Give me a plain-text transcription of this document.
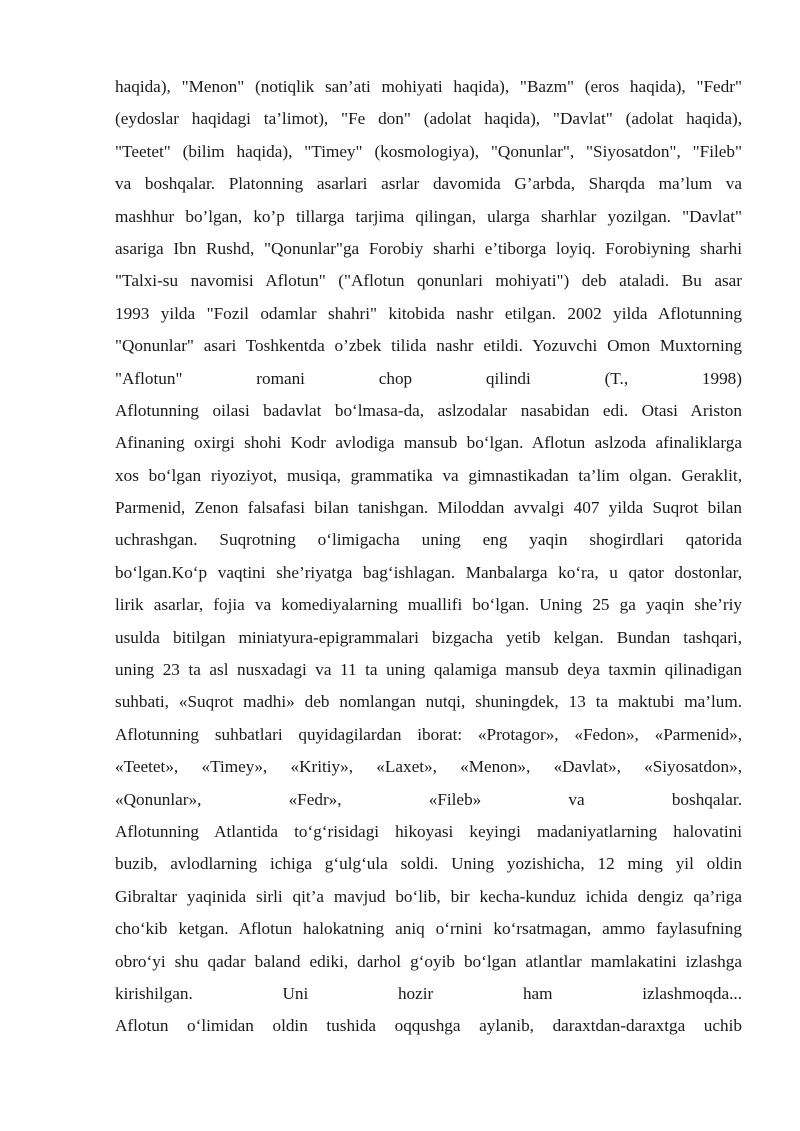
haqida), "Menon" (notiqlik san’ati mohiyati haqida), "Bazm" (eros haqida), "Fedr"
(eydoslar haqidagi ta’limot), "Fe don" (adolat haqida), "Davlat" (adolat haqida),
"Teetet" (bilim haqida), "Timey" (kosmologiya), "Qonunlar", "Siyosatdon", "Fileb"
va boshqalar. Platonning asarlari asrlar davomida G’arbda, Sharqda ma’lum va
mashhur bo’lgan, ko’p tillarga tarjima qilingan, ularga sharhlar yozilgan. "Davlat"
asariga Ibn Rushd, "Qonunlar"ga Forobiy sharhi e’tiborga loyiq. Forobiyning sharhi
"Talxi-su navomisi Aflotun" ("Aflotun qonunlari mohiyati") deb ataladi. Bu asar
1993 yilda "Fozil odamlar shahri" kitobida nashr etilgan. 2002 yilda Aflotunning
"Qonunlar" asari Toshkentda o’zbek tilida nashr etildi. Yozuvchi Omon Muxtorning
"Aflotun" romani chop qilindi (T., 1998)
Aflotunning oilasi badavlat bo‘lmasa-da, aslzodalar nasabidan edi. Otasi Ariston
Afinaning oxirgi shohi Kodr avlodiga mansub bo‘lgan. Aflotun aslzoda afinaliklarga
xos bo‘lgan riyoziyot, musiqa, grammatika va gimnastikadan ta’lim olgan. Geraklit,
Parmenid, Zenon falsafasi bilan tanishgan. Miloddan avvalgi 407 yilda Suqrot bilan
uchrashgan. Suqrotning o‘limigacha uning eng yaqin shogirdlari qatorida
bo‘lgan.Ko‘p vaqtini she’riyatga bag‘ishlagan. Manbalarga ko‘ra, u qator dostonlar,
lirik asarlar, fojia va komediyalarning muallifi bo‘lgan. Uning 25 ga yaqin she’riy
usulda bitilgan miniatyura-epigrammalari bizgacha yetib kelgan. Bundan tashqari,
uning 23 ta asl nusxadagi va 11 ta uning qalamiga mansub deya taxmin qilinadigan
suhbati, «Suqrot madhi» deb nomlangan nutqi, shuningdek, 13 ta maktubi ma’lum.
Aflotunning suhbatlari quyidagilardan iborat: «Protagor», «Fedon», «Parmenid»,
«Teetet», «Timey», «Kritiy», «Laxet», «Menon», «Davlat», «Siyosatdon»,
«Qonunlar», «Fedr», «Fileb» va boshqalar.
Aflotunning Atlantida to‘g‘risidagi hikoyasi keyingi madaniyatlarning halovatini
buzib, avlodlarning ichiga g‘ulg‘ula soldi. Uning yozishicha, 12 ming yil oldin
Gibraltar yaqinida sirli qit’a mavjud bo‘lib, bir kecha-kunduz ichida dengiz qa’riga
cho‘kib ketgan. Aflotun halokatning aniq o‘rnini ko‘rsatmagan, ammo faylasufning
obro‘yi shu qadar baland ediki, darhol g‘oyib bo‘lgan atlantlar mamlakatini izlashga
kirishilgan. Uni hozir ham izlashmoqda...
Aflotun o‘limidan oldin tushida oqqushga aylanib, daraxtdan-daraxtga uchib
